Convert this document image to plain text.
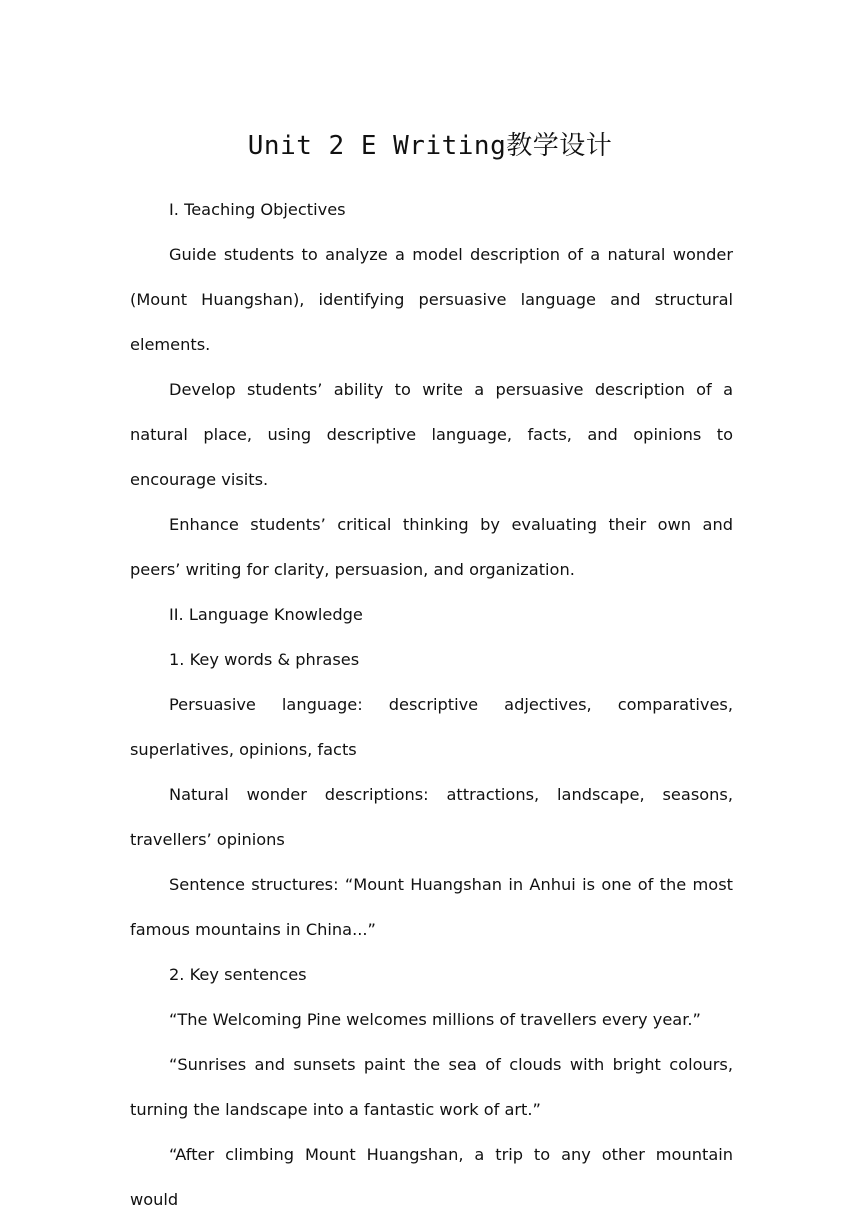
Unit 2 E Writing教学设计

I. Teaching Objectives

Guide students to analyze a model description of a natural wonder (Mount Huangshan), identifying persuasive language and structural elements.

Develop students’ ability to write a persuasive description of a natural place, using descriptive language, facts, and opinions to encourage visits.

Enhance students’ critical thinking by evaluating their own and peers’ writing for clarity, persuasion, and organization.

II. Language Knowledge

1. Key words & phrases

Persuasive language: descriptive adjectives, comparatives, superlatives, opinions, facts

Natural wonder descriptions: attractions, landscape, seasons, travellers’ opinions

Sentence structures: “Mount Huangshan in Anhui is one of the most famous mountains in China...”

2. Key sentences

“The Welcoming Pine welcomes millions of travellers every year.”

“Sunrises and sunsets paint the sea of clouds with bright colours, turning the landscape into a fantastic work of art.”

“After climbing Mount Huangshan, a trip to any other mountain would
